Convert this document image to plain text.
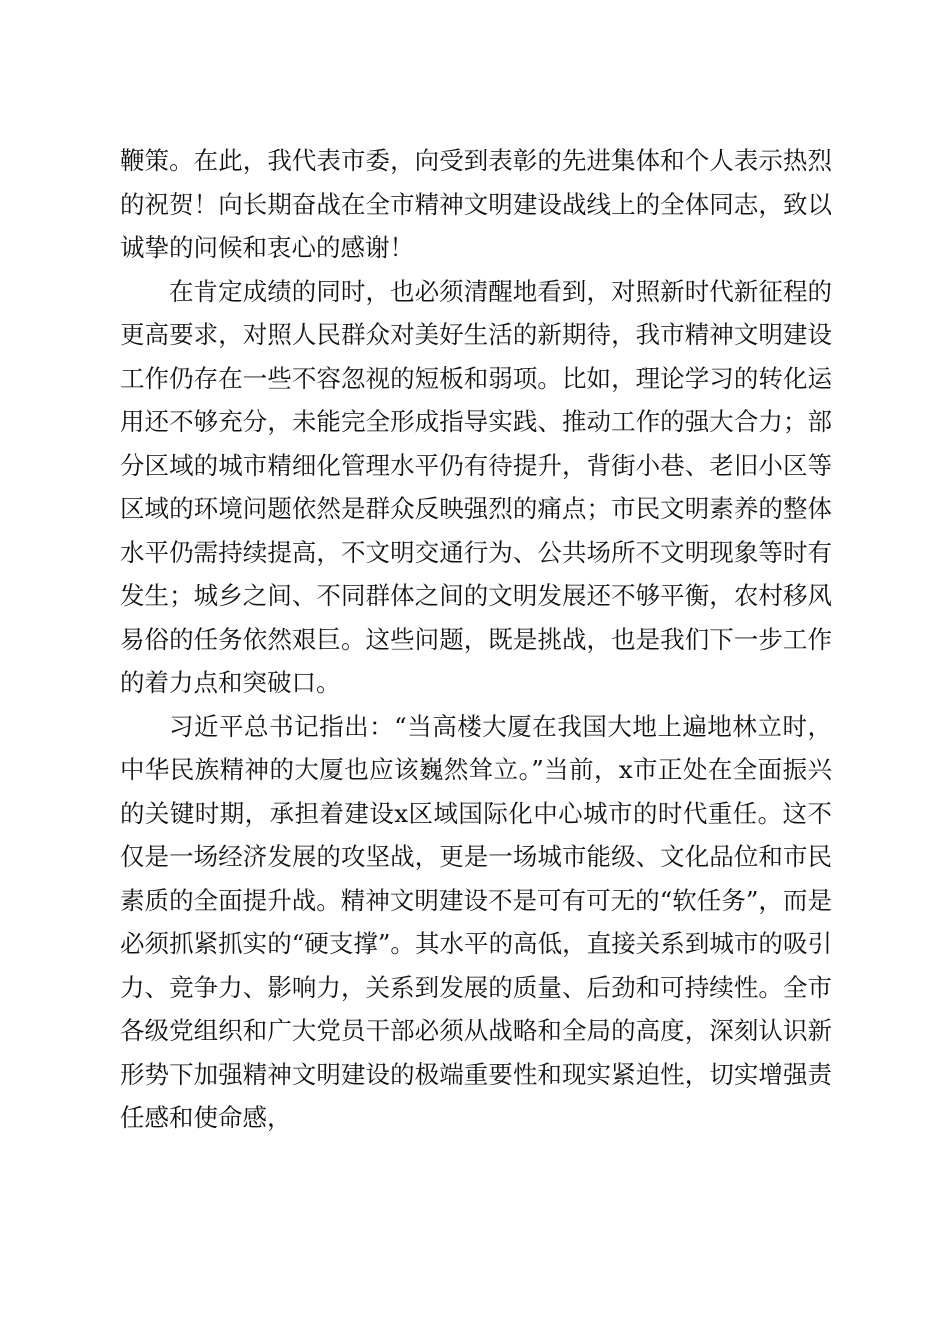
鞭策。在此，我代表市委，向受到表彰的先进集体和个人表示热烈的祝贺！向长期奋战在全市精神文明建设战线上的全体同志，致以诚挚的问候和衷心的感谢！

在肯定成绩的同时，也必须清醒地看到，对照新时代新征程的更高要求，对照人民群众对美好生活的新期待，我市精神文明建设工作仍存在一些不容忽视的短板和弱项。比如，理论学习的转化运用还不够充分，未能完全形成指导实践、推动工作的强大合力；部分区域的城市精细化管理水平仍有待提升，背街小巷、老旧小区等区域的环境问题依然是群众反映强烈的痛点；市民文明素养的整体水平仍需持续提高，不文明交通行为、公共场所不文明现象等时有发生；城乡之间、不同群体之间的文明发展还不够平衡，农村移风易俗的任务依然艰巨。这些问题，既是挑战，也是我们下一步工作的着力点和突破口。

习近平总书记指出：“当高楼大厦在我国大地上遍地林立时，中华民族精神的大厦也应该巍然耸立。”当前，x市正处在全面振兴的关键时期，承担着建设x区域国际化中心城市的时代重任。这不仅是一场经济发展的攻坚战，更是一场城市能级、文化品位和市民素质的全面提升战。精神文明建设不是可有可无的“软任务”，而是必须抓紧抓实的“硬支撑”。其水平的高低，直接关系到城市的吸引力、竞争力、影响力，关系到发展的质量、后劲和可持续性。全市各级党组织和广大党员干部必须从战略和全局的高度，深刻认识新形势下加强精神文明建设的极端重要性和现实紧迫性，切实增强责任感和使命感，
